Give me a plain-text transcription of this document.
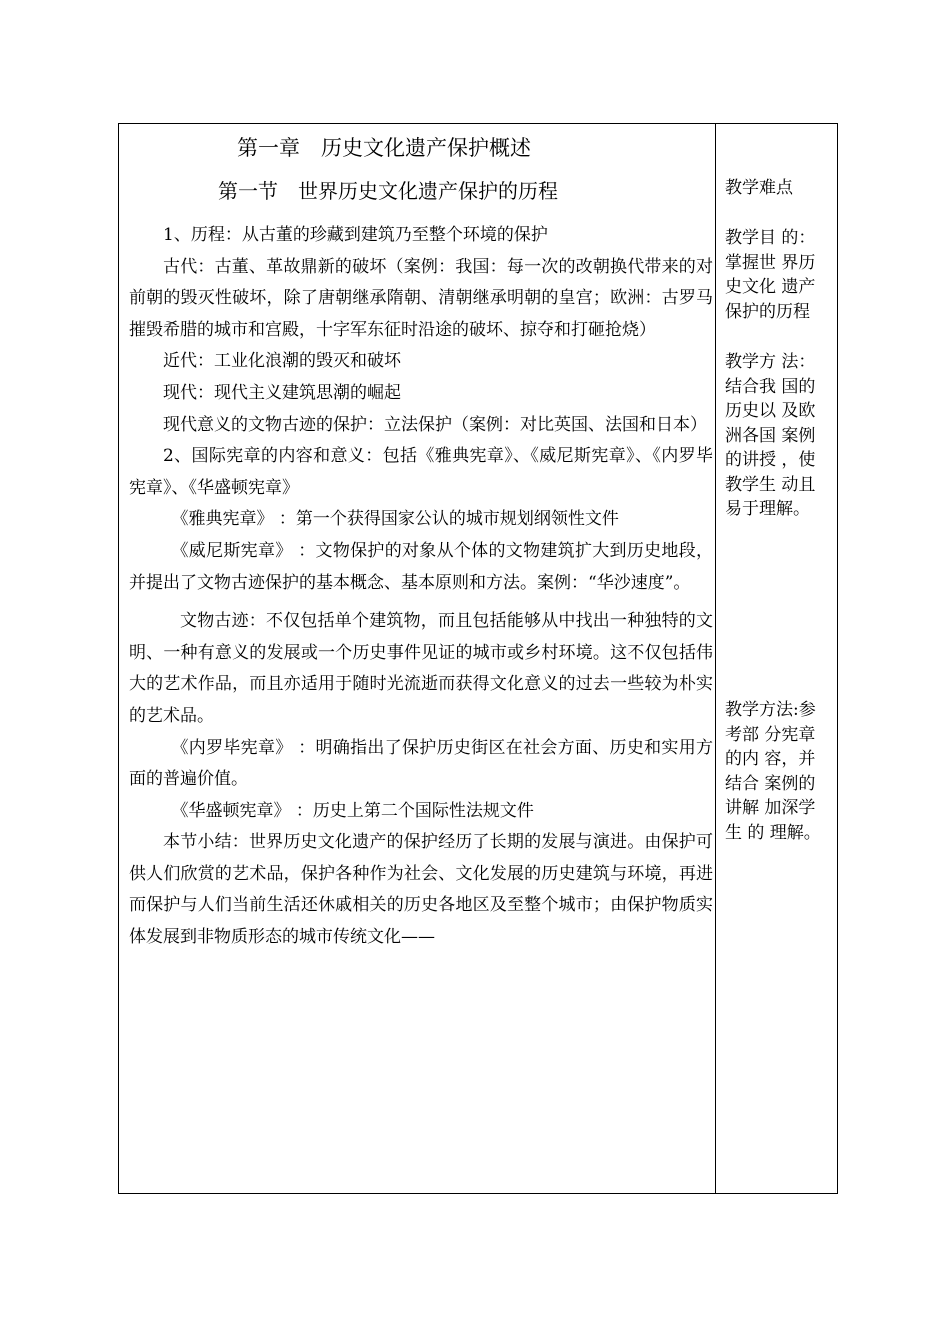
第一章　历史文化遗产保护概述
第一节　世界历史文化遗产保护的历程

1、历程：从古董的珍藏到建筑乃至整个环境的保护

古代：古董、革故鼎新的破坏（案例：我国：每一次的改朝换代带来的对前朝的毁灭性破坏，除了唐朝继承隋朝、清朝继承明朝的皇宫；欧洲：古罗马摧毁希腊的城市和宫殿，十字军东征时沿途的破坏、掠夺和打砸抢烧）

近代：工业化浪潮的毁灭和破坏

现代：现代主义建筑思潮的崛起

现代意义的文物古迹的保护：立法保护（案例：对比英国、法国和日本）

2、国际宪章的内容和意义：包括《雅典宪章》、《威尼斯宪章》、《内罗毕宪章》、《华盛顿宪章》

《雅典宪章》 ：第一个获得国家公认的城市规划纲领性文件

《威尼斯宪章》 ：文物保护的对象从个体的文物建筑扩大到历史地段，并提出了文物古迹保护的基本概念、基本原则和方法。案例：“华沙速度”。

文物古迹：不仅包括单个建筑物，而且包括能够从中找出一种独特的文明、一种有意义的发展或一个历史事件见证的城市或乡村环境。这不仅包括伟大的艺术作品，而且亦适用于随时光流逝而获得文化意义的过去一些较为朴实的艺术品。

《内罗毕宪章》 ：明确指出了保护历史街区在社会方面、历史和实用方面的普遍价值。

《华盛顿宪章》 ：历史上第二个国际性法规文件

本节小结：世界历史文化遗产的保护经历了长期的发展与演进。由保护可供人们欣赏的艺术品，保护各种作为社会、文化发展的历史建筑与环境，再进而保护与人们当前生活还休戚相关的历史各地区及至整个城市；由保护物质实体发展到非物质形态的城市传统文化——

教学难点
教学目 的：掌握世 界历史文化 遗产保护的历程
教学方 法：结合我 国的历史以 及欧洲各国 案例的讲授 ，使教学生 动且易于理解。
教学方法:参考部 分宪章的内 容，并结合 案例的讲解 加深学 生 的 理解。
